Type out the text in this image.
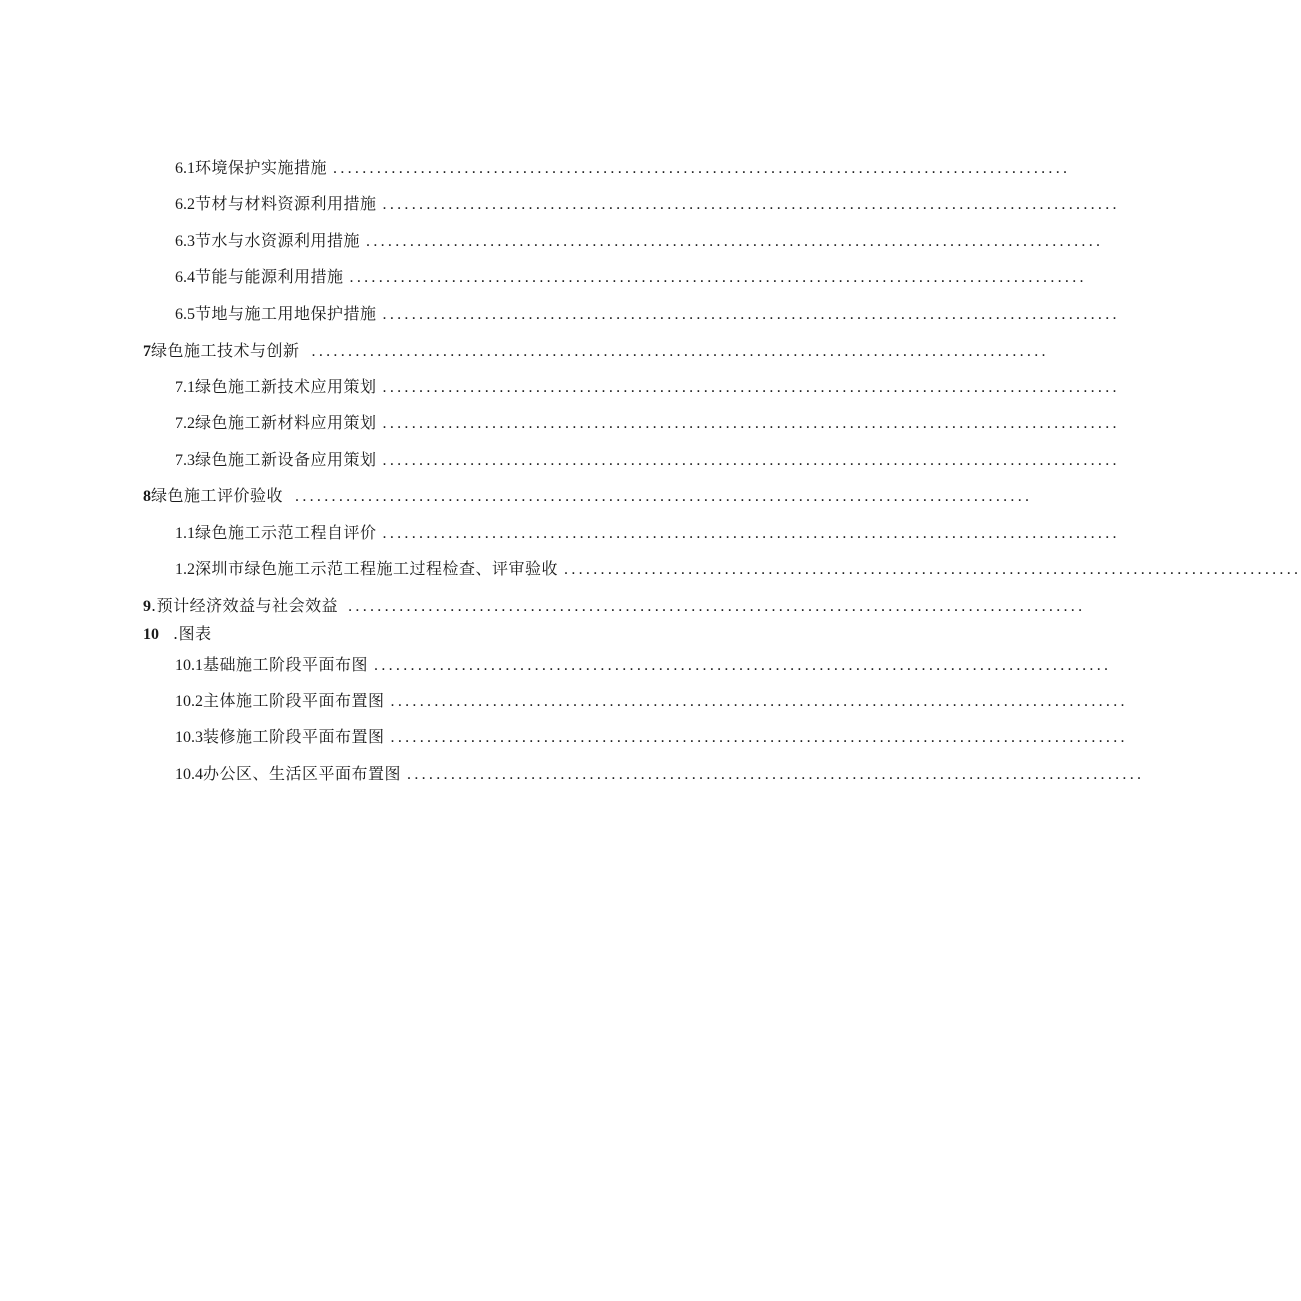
6.1 环境保护实施措施 .....................................................................................................
6.2 节材与材料资源利用措施 .....................................................................................................
6.3 节水与水资源利用措施 .....................................................................................................
6.4 节能与能源利用措施 .....................................................................................................
6.5 节地与施工用地保护措施 .....................................................................................................
7 绿色施工技术与创新 .....................................................................................................
7.1 绿色施工新技术应用策划 .....................................................................................................
7.2 绿色施工新材料应用策划 .....................................................................................................
7.3 绿色施工新设备应用策划 .....................................................................................................
8 绿色施工评价验收 .....................................................................................................
1.1 绿色施工示范工程自评价 .....................................................................................................
1.2 深圳市绿色施工示范工程施工过程检查、评审验收 .....................................................................................................
9 .预计经济效益与社会效益 .....................................................................................................
10 .图表
10.1 基础施工阶段平面布图 .....................................................................................................
10.2 主体施工阶段平面布置图 .....................................................................................................
10.3 装修施工阶段平面布置图 .....................................................................................................
10.4 办公区、生活区平面布置图 .....................................................................................................
